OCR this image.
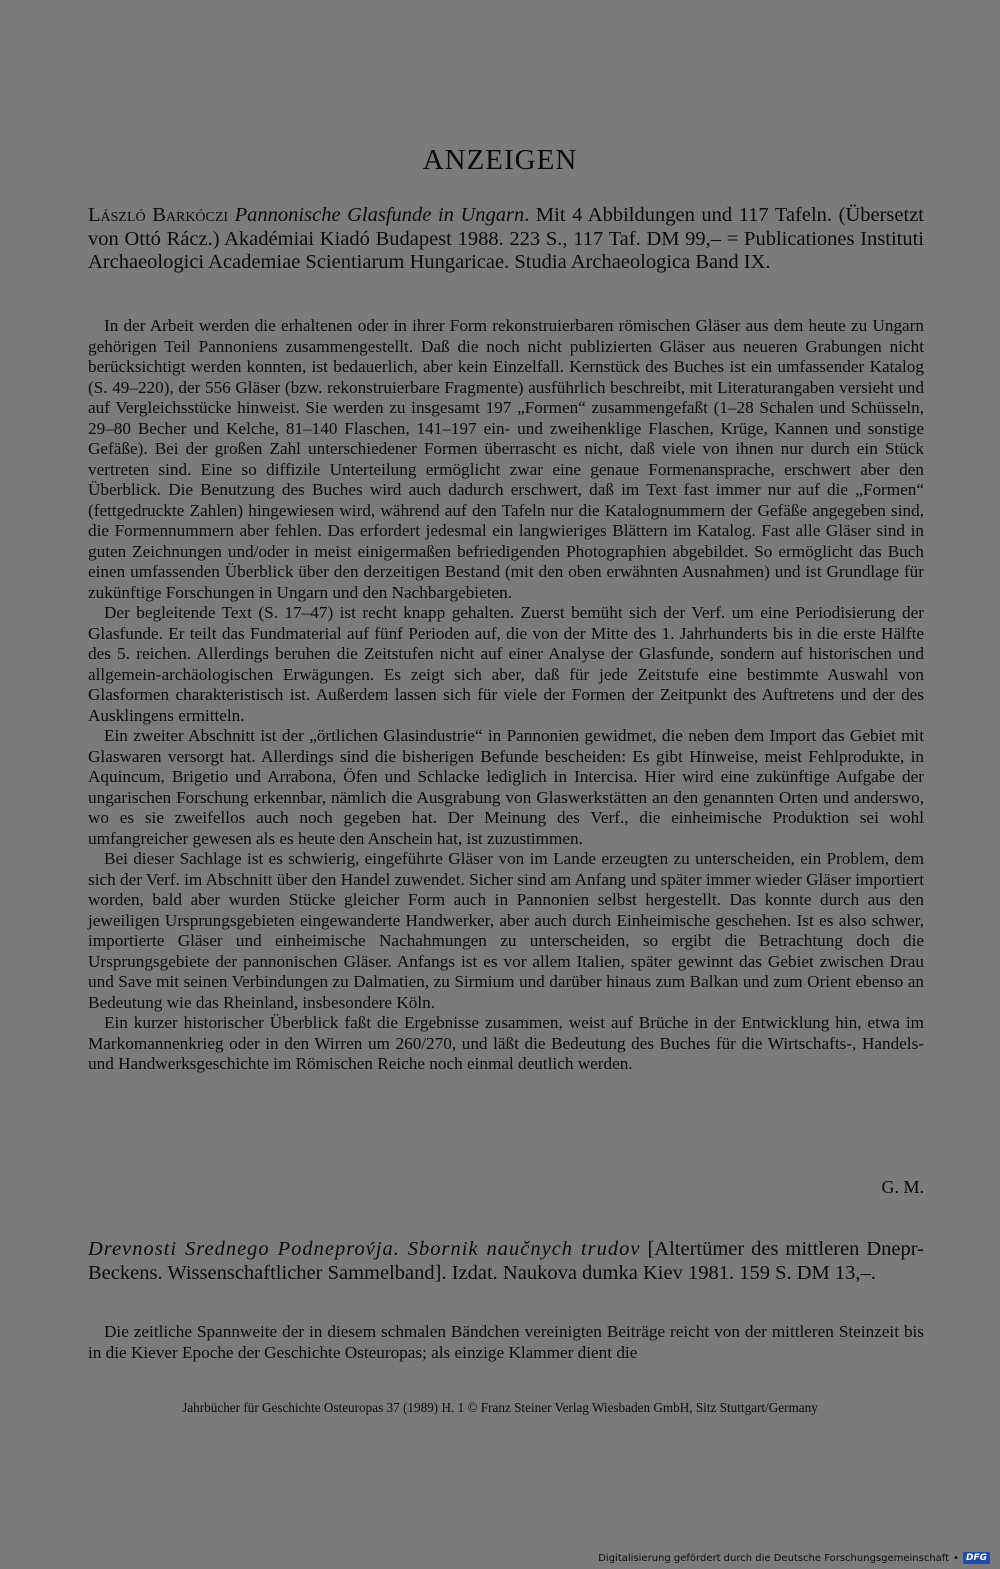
ANZEIGEN
László Barkóczi Pannonische Glasfunde in Ungarn. Mit 4 Abbildungen und 117 Tafeln. (Übersetzt von Ottó Rácz.) Akadémiai Kiadó Budapest 1988. 223 S., 117 Taf. DM 99,– = Publicationes Instituti Archaeologici Academiae Scientiarum Hungaricae. Studia Archaeologica Band IX.

In der Arbeit werden die erhaltenen oder in ihrer Form rekonstruierbaren römischen Gläser aus dem heute zu Ungarn gehörigen Teil Pannoniens zusammengestellt. Daß die noch nicht publizierten Gläser aus neueren Grabungen nicht berücksichtigt werden konnten, ist bedauerlich, aber kein Einzelfall. Kernstück des Buches ist ein umfassender Katalog (S. 49–220), der 556 Gläser (bzw. rekonstruierbare Fragmente) ausführlich beschreibt, mit Literaturangaben versieht und auf Vergleichsstücke hinweist. Sie werden zu insgesamt 197 „Formen“ zusammengefaßt (1–28 Schalen und Schüsseln, 29–80 Becher und Kelche, 81–140 Flaschen, 141–197 ein- und zweihenklige Flaschen, Krüge, Kannen und sonstige Gefäße). Bei der großen Zahl unterschiedener Formen überrascht es nicht, daß viele von ihnen nur durch ein Stück vertreten sind. Eine so diffizile Unterteilung ermöglicht zwar eine genaue Formenansprache, erschwert aber den Überblick. Die Benutzung des Buches wird auch dadurch erschwert, daß im Text fast immer nur auf die „Formen“ (fettgedruckte Zahlen) hingewiesen wird, während auf den Tafeln nur die Katalognummern der Gefäße angegeben sind, die Formennummern aber fehlen. Das erfordert jedesmal ein langwieriges Blättern im Katalog. Fast alle Gläser sind in guten Zeichnungen und/oder in meist einigermaßen befriedigenden Photographien abgebildet. So ermöglicht das Buch einen umfassenden Überblick über den derzeitigen Bestand (mit den oben erwähnten Ausnahmen) und ist Grundlage für zukünftige Forschungen in Ungarn und den Nachbargebieten.

Der begleitende Text (S. 17–47) ist recht knapp gehalten. Zuerst bemüht sich der Verf. um eine Periodisierung der Glasfunde. Er teilt das Fundmaterial auf fünf Perioden auf, die von der Mitte des 1. Jahrhunderts bis in die erste Hälfte des 5. reichen. Allerdings beruhen die Zeitstufen nicht auf einer Analyse der Glasfunde, sondern auf historischen und allgemein-archäologischen Erwägungen. Es zeigt sich aber, daß für jede Zeitstufe eine bestimmte Auswahl von Glasformen charakteristisch ist. Außerdem lassen sich für viele der Formen der Zeitpunkt des Auftretens und der des Ausklingens ermitteln.

Ein zweiter Abschnitt ist der „örtlichen Glasindustrie“ in Pannonien gewidmet, die neben dem Import das Gebiet mit Glaswaren versorgt hat. Allerdings sind die bisherigen Befunde bescheiden: Es gibt Hinweise, meist Fehlprodukte, in Aquincum, Brigetio und Arrabona, Öfen und Schlacke lediglich in Intercisa. Hier wird eine zukünftige Aufgabe der ungarischen Forschung erkennbar, nämlich die Ausgrabung von Glaswerkstätten an den genannten Orten und anderswo, wo es sie zweifellos auch noch gegeben hat. Der Meinung des Verf., die einheimische Produktion sei wohl umfangreicher gewesen als es heute den Anschein hat, ist zuzustimmen.

Bei dieser Sachlage ist es schwierig, eingeführte Gläser von im Lande erzeugten zu unterscheiden, ein Problem, dem sich der Verf. im Abschnitt über den Handel zuwendet. Sicher sind am Anfang und später immer wieder Gläser importiert worden, bald aber wurden Stücke gleicher Form auch in Pannonien selbst hergestellt. Das konnte durch aus den jeweiligen Ursprungsgebieten eingewanderte Handwerker, aber auch durch Einheimische geschehen. Ist es also schwer, importierte Gläser und einheimische Nachahmungen zu unterscheiden, so ergibt die Betrachtung doch die Ursprungsgebiete der pannonischen Gläser. Anfangs ist es vor allem Italien, später gewinnt das Gebiet zwischen Drau und Save mit seinen Verbindungen zu Dalmatien, zu Sirmium und darüber hinaus zum Balkan und zum Orient ebenso an Bedeutung wie das Rheinland, insbesondere Köln.

Ein kurzer historischer Überblick faßt die Ergebnisse zusammen, weist auf Brüche in der Entwicklung hin, etwa im Markomannenkrieg oder in den Wirren um 260/270, und läßt die Bedeutung des Buches für die Wirtschafts-, Handels- und Handwerksgeschichte im Römischen Reiche noch einmal deutlich werden.

G. M.
Drevnosti Srednego Podneprov́ja. Sbornik naučnych trudov [Altertümer des mittleren Dnepr-Beckens. Wissenschaftlicher Sammelband]. Izdat. Naukova dumka Kiev 1981. 159 S. DM 13,–.

Die zeitliche Spannweite der in diesem schmalen Bändchen vereinigten Beiträge reicht von der mittleren Steinzeit bis in die Kiever Epoche der Geschichte Osteuropas; als einzige Klammer dient die

Jahrbücher für Geschichte Osteuropas 37 (1989) H. 1 © Franz Steiner Verlag Wiesbaden GmbH, Sitz Stuttgart/Germany
Digitalisierung gefördert durch die Deutsche Forschungsgemeinschaft • DFG
